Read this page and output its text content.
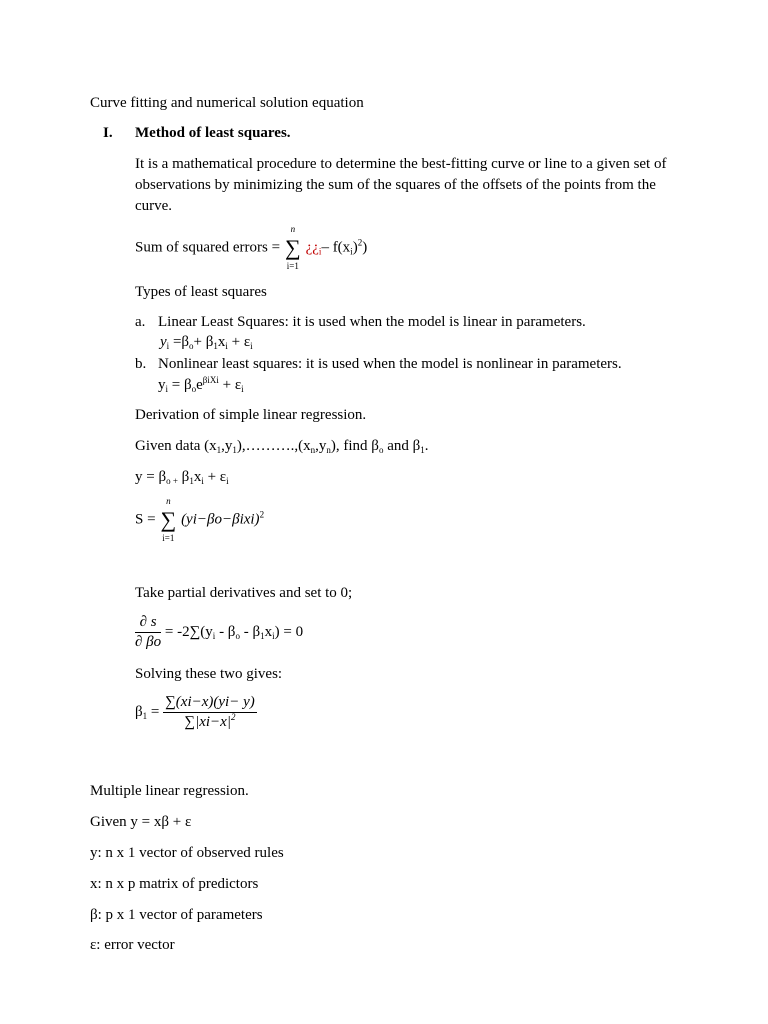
Curve fitting and numerical solution equation
I. Method of least squares.
It is a mathematical procedure to determine the best-fitting curve or line to a given set of observations by minimizing the sum of the squares of the offsets of the points from the curve.
Sum of squared errors =
n
∑
i=1
¿¿$_i-$ $f(x_i)^2$)
Types of least squares
a. Linear Least Squares: it is used when the model is linear in parameters.
$y_i =\beta_o+ \beta_1x_i + \varepsilon_i$
b. Nonlinear least squares: it is used when the model is nonlinear in parameters.
$y_i = \beta_oe^{\beta iXi} + \varepsilon_i$
Derivation of simple linear regression.
Given data $(x_1,y_1),\dots\dots\dots.,(x_n,y_n)$, find $\beta_o$ and $\beta_1$.
$y = \beta_{o +}$ $\beta_1x_i + \varepsilon_i$
S =
n
∑
i=1
$(yi-\beta o-\beta ixi)^2$
Take partial derivatives and set to 0;
$\frac{\partial s}{\partial \beta o} = -2\sum(y_i - \beta_o - \beta_1x_i) = 0$
Solving these two gives:
$\beta_1 = \frac{\sum(xi-x)(yi- y)}{\sum|xi-x|^2}$
Multiple linear regression.
Given y = xβ + ε
y: n x 1 vector of observed rules
x: n x p matrix of predictors
β: p x 1 vector of parameters
ε: error vector
